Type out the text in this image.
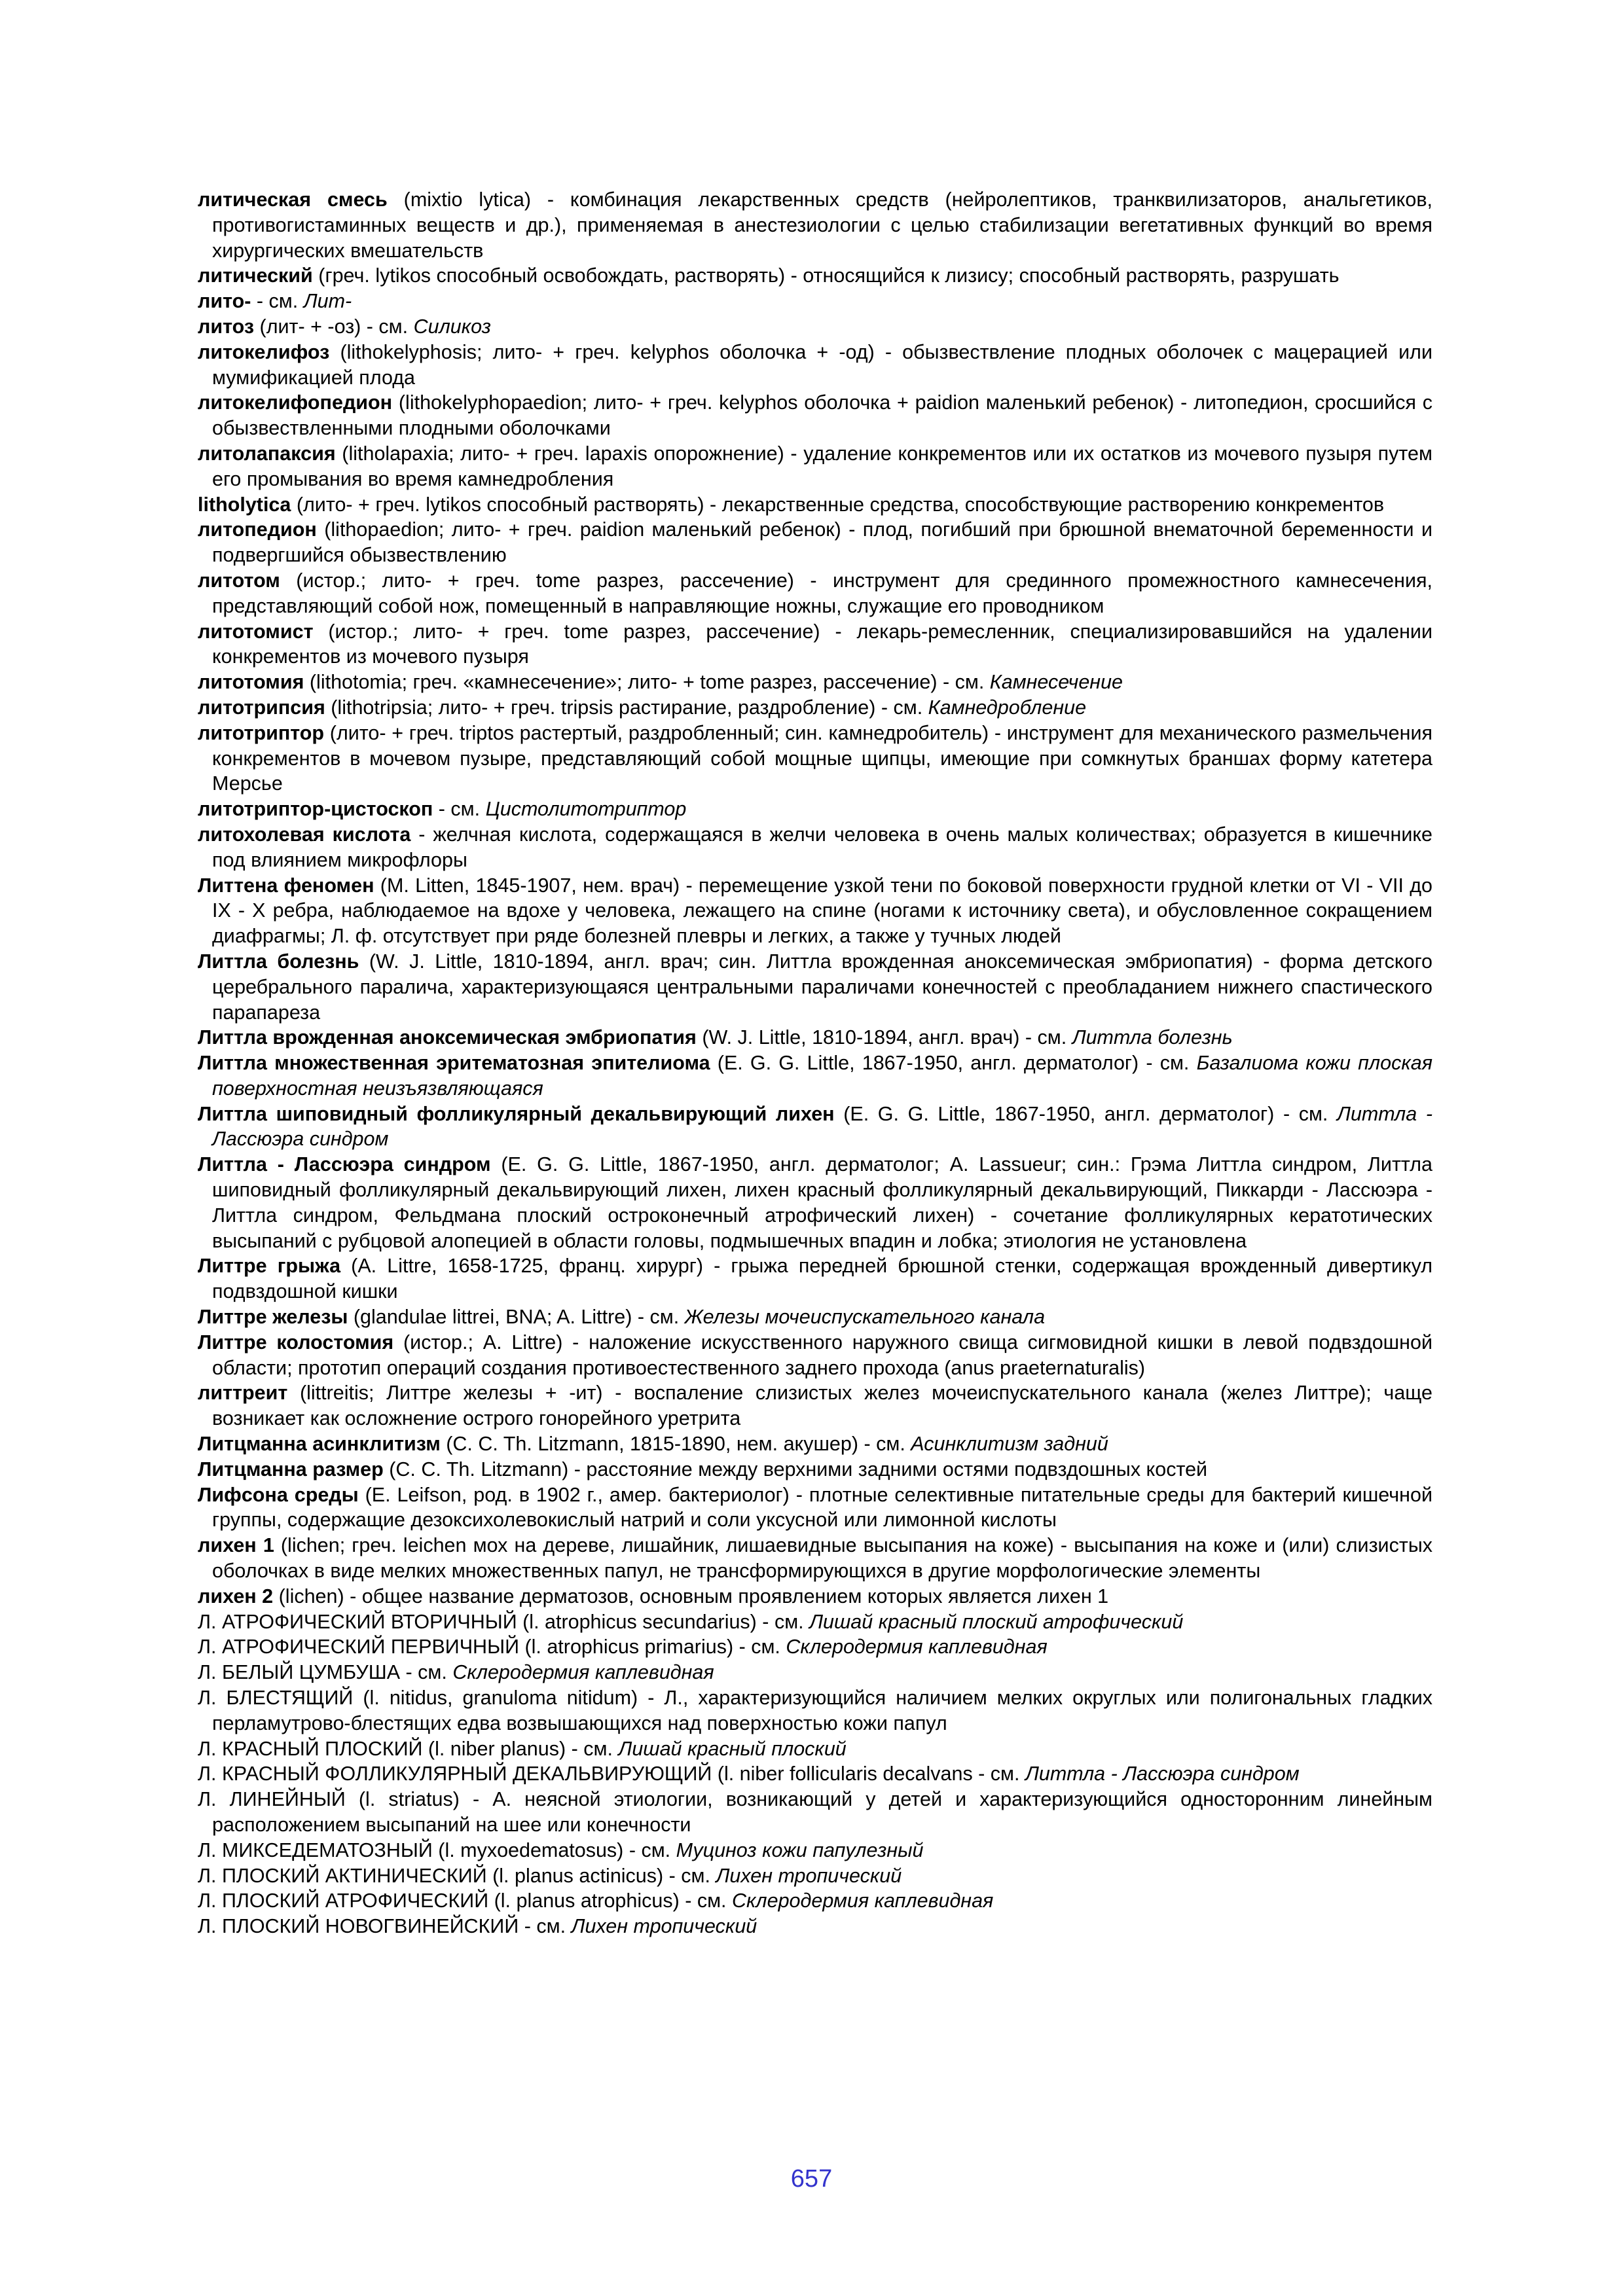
литическая смесь (mixtio lytica) - комбинация лекарственных средств (нейролептиков, транквилизаторов, анальгетиков, противогистаминных веществ и др.), применяемая в анестезиологии с целью стабилизации вегетативных функций во время хирургических вмешательств

литический (греч. lytikos способный освобождать, растворять) - относящийся к лизису; способный растворять, разрушать

лито- - см. Лит-

литоз (лит- + -оз) - см. Силикоз

литокелифоз (lithokelyphosis; лито- + греч. kelyphos оболочка + -од) - обызвествление плодных оболочек с мацерацией или мумификацией плода

литокелифопедион (lithokelyphopaedion; лито- + греч. kelyphos оболочка + paidion маленький ребенок) - литопедион, сросшийся с обызвествленными плодными оболочками

литолапаксия (litholapaxia; лито- + греч. lapaxis опорожнение) - удаление конкрементов или их остатков из мочевого пузыря путем его промывания во время камнедробления

litholytica (лито- + греч. lytikos способный растворять) - лекарственные средства, способствующие растворению конкрементов

литопедион (lithopaedion; лито- + греч. paidion маленький ребенок) - плод, погибший при брюшной внематочной беременности и подвергшийся обызвествлению

литотом (истор.; лито- + греч. tome разрез, рассечение) - инструмент для срединного промежностного камнесечения, представляющий собой нож, помещенный в направляющие ножны, служащие его проводником

литотомист (истор.; лито- + греч. tome разрез, рассечение) - лекарь-ремесленник, специализировавшийся на удалении конкрементов из мочевого пузыря

литотомия (lithotomia; греч. «камнесечение»; лито- + tome разрез, рассечение) - см. Камнесечение

литотрипсия (lithotripsia; лито- + греч. tripsis растирание, раздробление) - см. Камнедробление

литотриптор (лито- + греч. triptos растертый, раздробленный; син. камнедробитель) - инструмент для механического размельчения конкрементов в мочевом пузыре, представляющий собой мощные щипцы, имеющие при сомкнутых браншах форму катетера Мерсье

литотриптор-цистоскоп - см. Цистолитотриптор

литохолевая кислота - желчная кислота, содержащаяся в желчи человека в очень малых количествах; образуется в кишечнике под влиянием микрофлоры

Литтена феномен (M. Litten, 1845-1907, нем. врач) - перемещение узкой тени по боковой поверхности грудной клетки от VI - VII до IX - X ребра, наблюдаемое на вдохе у человека, лежащего на спине (ногами к источнику света), и обусловленное сокращением диафрагмы; Л. ф. отсутствует при ряде болезней плевры и легких, а также у тучных людей

Литтла болезнь (W. J. Little, 1810-1894, англ. врач; син. Литтла врожденная аноксемическая эмбриопатия) - форма детского церебрального паралича, характеризующаяся центральными параличами конечностей с преобладанием нижнего спастического парапареза

Литтла врожденная аноксемическая эмбриопатия (W. J. Little, 1810-1894, англ. врач) - см. Литтла болезнь

Литтла множественная эритематозная эпителиома (E. G. G. Little, 1867-1950, англ. дерматолог) - см. Базалиома кожи плоская поверхностная неизъязвляющаяся

Литтла шиповидный фолликулярный декальвирующий лихен (E. G. G. Little, 1867-1950, англ. дерматолог) - см. Литтла - Лассюэра синдром

Литтла - Лассюэра синдром (E. G. G. Little, 1867-1950, англ. дерматолог; A. Lassueur; син.: Грэма Литтла синдром, Литтла шиповидный фолликулярный декальвирующий лихен, лихен красный фолликулярный декальвирующий, Пиккарди - Лассюэра - Литтла синдром, Фельдмана плоский остроконечный атрофический лихен) - сочетание фолликулярных кератотических высыпаний с рубцовой алопецией в области головы, подмышечных впадин и лобка; этиология не установлена

Литтре грыжа (A. Littre, 1658-1725, франц. хирург) - грыжа передней брюшной стенки, содержащая врожденный дивертикул подвздошной кишки

Литтре железы (glandulae littrei, BNA; A. Littre) - см. Железы мочеиспускательного канала

Литтре колостомия (истор.; A. Littre) - наложение искусственного наружного свища сигмовидной кишки в левой подвздошной области; прототип операций создания противоестественного заднего прохода (anus praeternaturalis)

литтреит (littreitis; Литтре железы + -ит) - воспаление слизистых желез мочеиспускательного канала (желез Литтре); чаще возникает как осложнение острого гонорейного уретрита

Литцманна асинклитизм (C. C. Th. Litzmann, 1815-1890, нем. акушер) - см. Асинклитизм задний

Литцманна размер (C. C. Th. Litzmann) - расстояние между верхними задними остями подвздошных костей

Лифсона среды (E. Leifson, род. в 1902 г., амер. бактериолог) - плотные селективные питательные среды для бактерий кишечной группы, содержащие дезоксихолевокислый натрий и соли уксусной или лимонной кислоты

лихен 1 (lichen; греч. leichen мох на дереве, лишайник, лишаевидные высыпания на коже) - высыпания на коже и (или) слизистых оболочках в виде мелких множественных папул, не трансформирующихся в другие морфологические элементы

лихен 2 (lichen) - общее название дерматозов, основным проявлением которых является лихен 1

Л. АТРОФИЧЕСКИЙ ВТОРИЧНЫЙ (l. atrophicus secundarius) - см. Лишай красный плоский атрофический

Л. АТРОФИЧЕСКИЙ ПЕРВИЧНЫЙ (l. atrophicus primarius) - см. Склеродермия каплевидная

Л. БЕЛЫЙ ЦУМБУША - см. Склеродермия каплевидная

Л. БЛЕСТЯЩИЙ (l. nitidus, granuloma nitidum) - Л., характеризующийся наличием мелких округлых или полигональных гладких перламутрово-блестящих едва возвышающихся над поверхностью кожи папул

Л. КРАСНЫЙ ПЛОСКИЙ (l. niber planus) - см. Лишай красный плоский

Л. КРАСНЫЙ ФОЛЛИКУЛЯРНЫЙ ДЕКАЛЬВИРУЮЩИЙ (l. niber follicularis decalvans - см. Литтла - Лассюэра синдром

Л. ЛИНЕЙНЫЙ (l. striatus) - А. неясной этиологии, возникающий у детей и характеризующийся односторонним линейным расположением высыпаний на шее или конечности

Л. МИКСЕДЕМАТОЗНЫЙ (l. myxoedematosus) - см. Муциноз кожи папулезный

Л. ПЛОСКИЙ АКТИНИЧЕСКИЙ (l. planus actinicus) - см. Лихен тропический

Л. ПЛОСКИЙ АТРОФИЧЕСКИЙ (l. planus atrophicus) - см. Склеродермия каплевидная

Л. ПЛОСКИЙ НОВОГВИНЕЙСКИЙ - см. Лихен тропический

657
